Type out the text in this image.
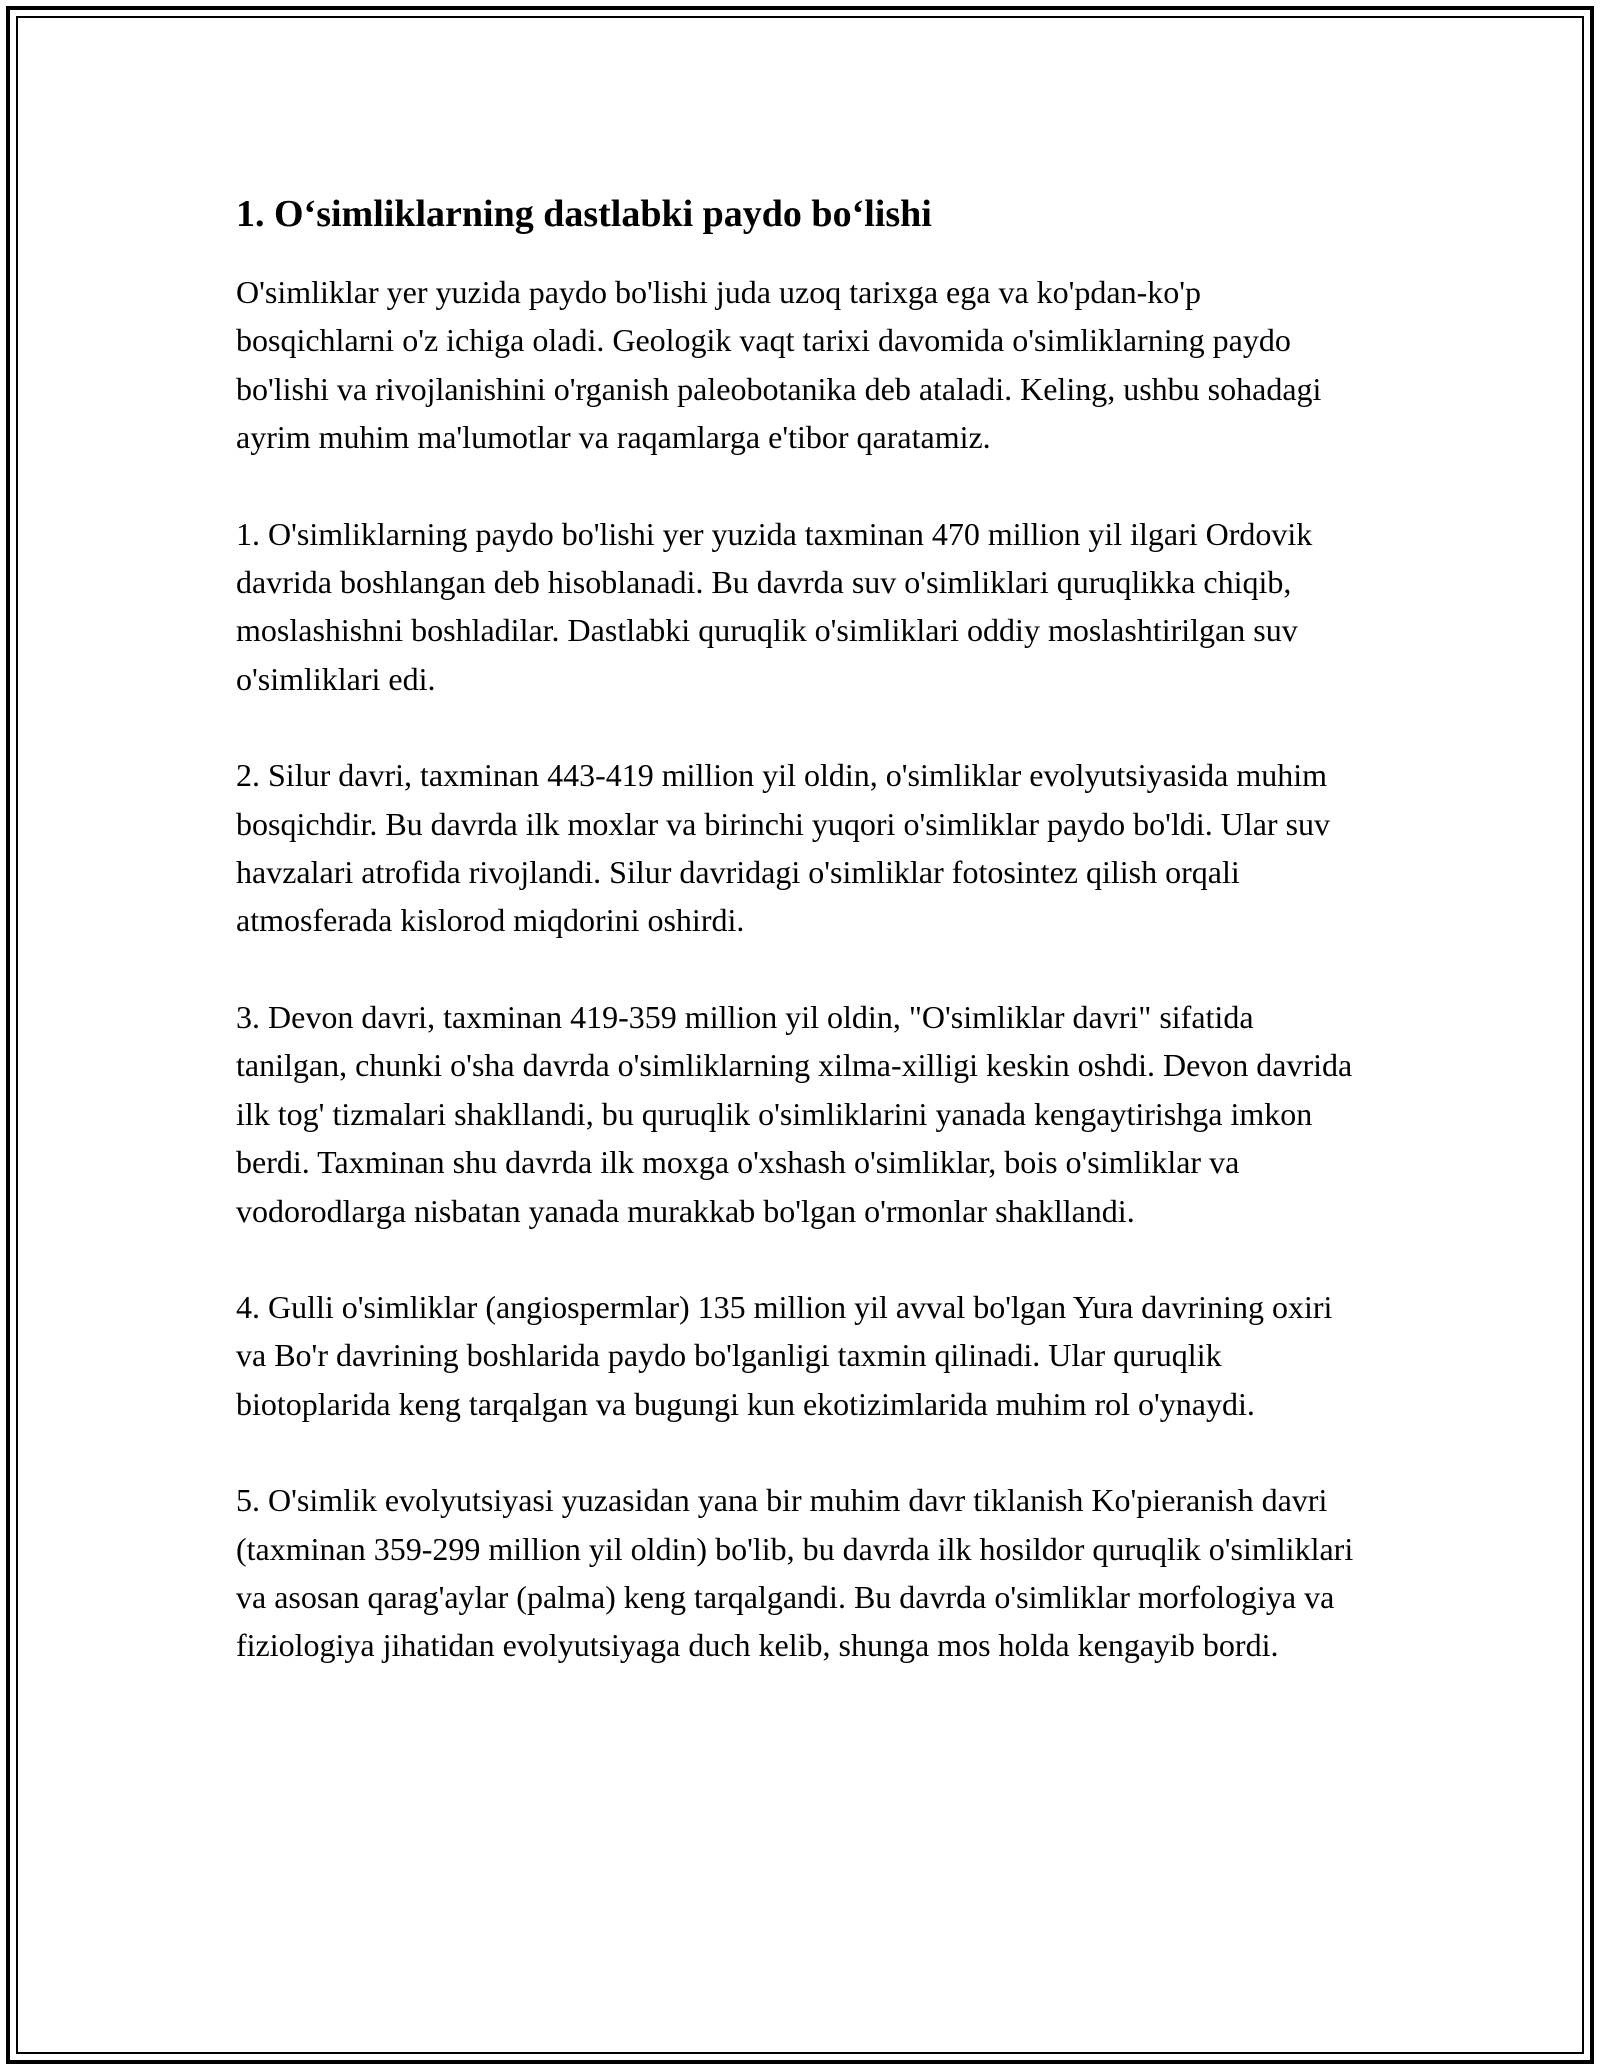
1. O‘simliklarning dastlabki paydo bo‘lishi

O'simliklar yer yuzida paydo bo'lishi juda uzoq tarixga ega va ko'pdan-ko'p bosqichlarni o'z ichiga oladi. Geologik vaqt tarixi davomida o'simliklarning paydo bo'lishi va rivojlanishini o'rganish paleobotanika deb ataladi. Keling, ushbu sohadagi ayrim muhim ma'lumotlar va raqamlarga e'tibor qaratamiz.

1. O'simliklarning paydo bo'lishi yer yuzida taxminan 470 million yil ilgari Ordovik davrida boshlangan deb hisoblanadi. Bu davrda suv o'simliklari quruqlikka chiqib, moslashishni boshladilar. Dastlabki quruqlik o'simliklari oddiy moslashtirilgan suv o'simliklari edi.

2. Silur davri, taxminan 443-419 million yil oldin, o'simliklar evolyutsiyasida muhim bosqichdir. Bu davrda ilk moxlar va birinchi yuqori o'simliklar paydo bo'ldi. Ular suv havzalari atrofida rivojlandi. Silur davridagi o'simliklar fotosintez qilish orqali atmosferada kislorod miqdorini oshirdi.

3. Devon davri, taxminan 419-359 million yil oldin, "O'simliklar davri" sifatida tanilgan, chunki o'sha davrda o'simliklarning xilma-xilligi keskin oshdi. Devon davrida ilk tog' tizmalari shakllandi, bu quruqlik o'simliklarini yanada kengaytirishga imkon berdi. Taxminan shu davrda ilk moxga o'xshash o'simliklar, bois o'simliklar va vodorodlarga nisbatan yanada murakkab bo'lgan o'rmonlar shakllandi.

4. Gulli o'simliklar (angiospermlar) 135 million yil avval bo'lgan Yura davrining oxiri va Bo'r davrining boshlarida paydo bo'lganligi taxmin qilinadi. Ular quruqlik biotoplarida keng tarqalgan va bugungi kun ekotizimlarida muhim rol o'ynaydi.

5. O'simlik evolyutsiyasi yuzasidan yana bir muhim davr tiklanish Ko'pieranish davri (taxminan 359-299 million yil oldin) bo'lib, bu davrda ilk hosildor quruqlik o'simliklari va asosan qarag'aylar (palma) keng tarqalgandi. Bu davrda o'simliklar morfologiya va fiziologiya jihatidan evolyutsiyaga duch kelib, shunga mos holda kengayib bordi.
